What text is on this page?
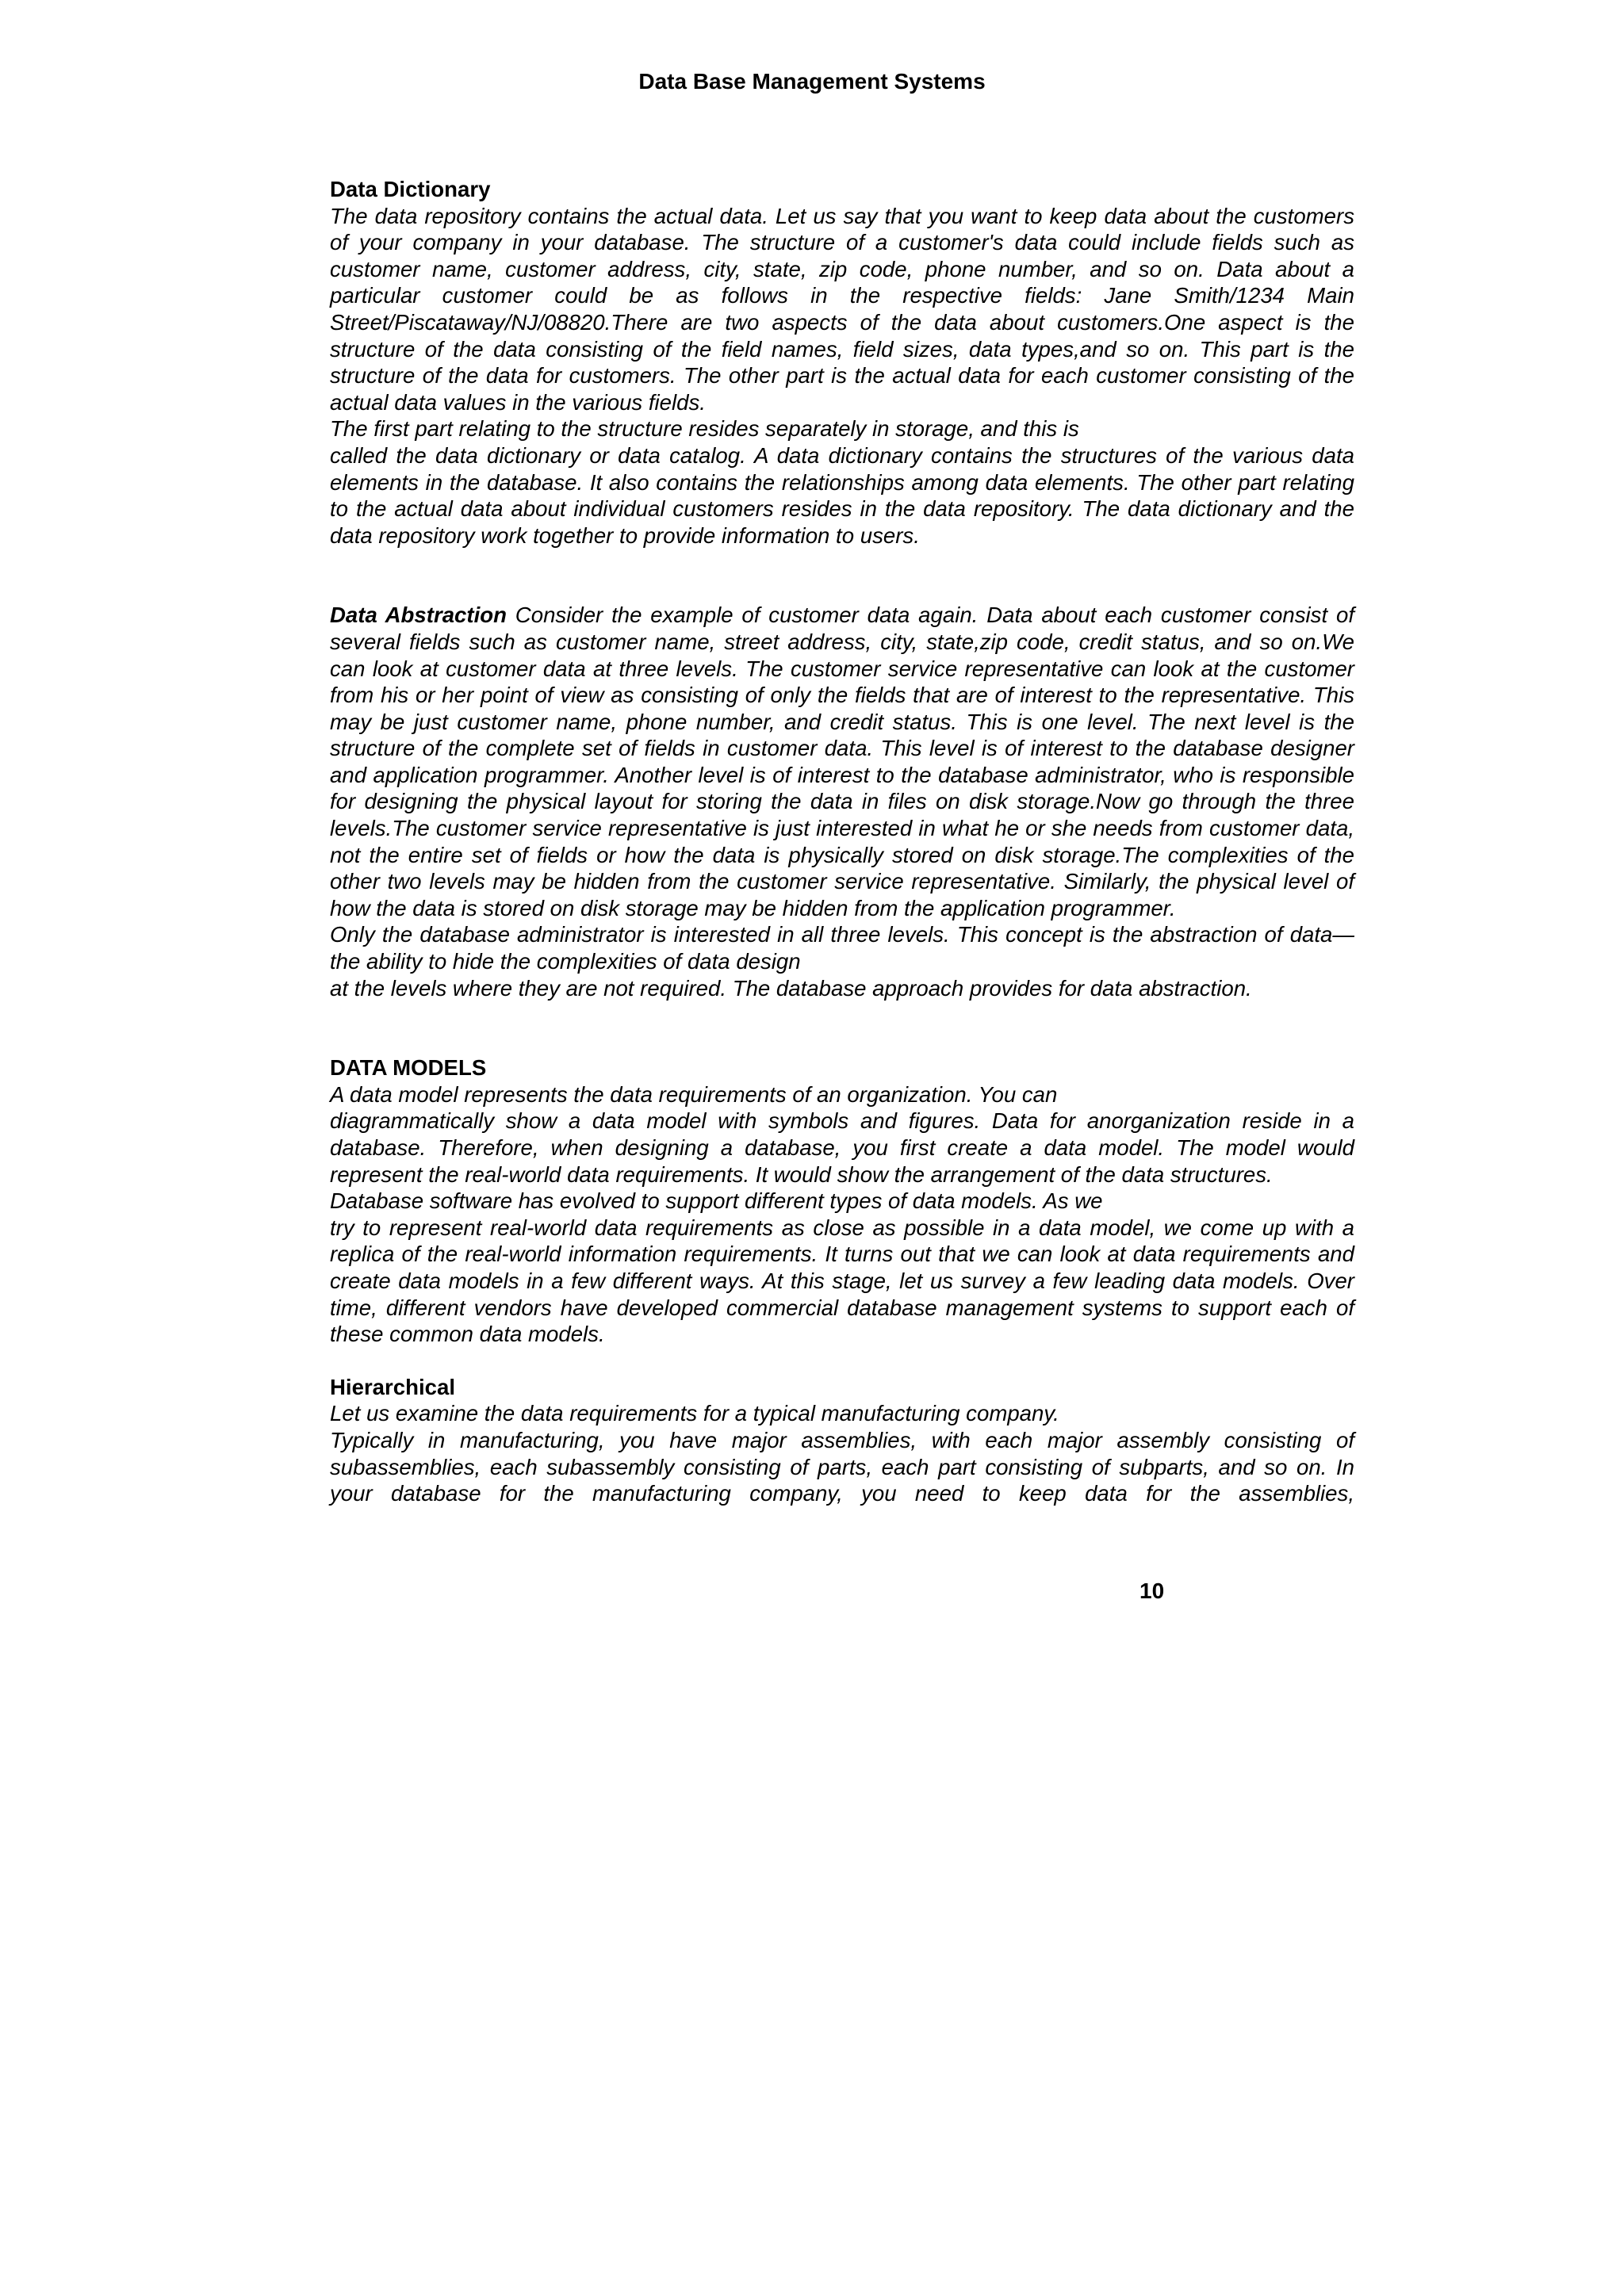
Data Base Management Systems
Data Dictionary
The data repository contains the actual data. Let us say that you want to keep data about the customers of your company in your database. The structure of a customer's data could include fields such as customer name, customer address, city, state, zip code, phone number, and so on. Data about a particular customer could be as follows in the respective fields: Jane Smith/1234 Main Street/Piscataway/NJ/08820.There are two aspects of the data about customers.One aspect is the structure of the data consisting of the field names, field sizes, data types,and so on. This part is the structure of the data for customers. The other part is the actual data for each customer consisting of the actual data values in the various fields.
The first part relating to the structure resides separately in storage, and this is
called the data dictionary or data catalog. A data dictionary contains the structures of the various data elements in the database. It also contains the relationships among data elements. The other part relating to the actual data about individual customers resides in the data repository. The data dictionary and the data repository work together to provide information to users.
Data Abstraction Consider the example of customer data again. Data about each customer consist of several fields such as customer name, street address, city, state,zip code, credit status, and so on.We can look at customer data at three levels. The customer service representative can look at the customer from his or her point of view as consisting of only the fields that are of interest to the representative. This may be just customer name, phone number, and credit status. This is one level. The next level is the structure of the complete set of fields in customer data. This level is of interest to the database designer and application programmer. Another level is of interest to the database administrator, who is responsible for designing the physical layout for storing the data in files on disk storage.Now go through the three levels.The customer service representative is just interested in what he or she needs from customer data, not the entire set of fields or how the data is physically stored on disk storage.The complexities of the other two levels may be hidden from the customer service representative. Similarly, the physical level of how the data is stored on disk storage may be hidden from the application programmer.
Only the database administrator is interested in all three levels. This concept is the abstraction of data—the ability to hide the complexities of data design
at the levels where they are not required. The database approach provides for data abstraction.
DATA MODELS
A data model represents the data requirements of an organization. You can
diagrammatically show a data model with symbols and figures. Data for anorganization reside in a database. Therefore, when designing a database, you first create a data model. The model would represent the real-world data requirements. It would show the arrangement of the data structures.
Database software has evolved to support different types of data models. As we
try to represent real-world data requirements as close as possible in a data model, we come up with a replica of the real-world information requirements. It turns out that we can look at data requirements and create data models in a few different ways. At this stage, let us survey a few leading data models. Over time, different vendors have developed commercial database management systems to support each of these common data models.
Hierarchical
Let us examine the data requirements for a typical manufacturing company.
Typically in manufacturing, you have major assemblies, with each major assembly consisting of subassemblies, each subassembly consisting of parts, each part consisting of subparts, and so on. In your database for the manufacturing company, you need to keep data for the assemblies,
10
